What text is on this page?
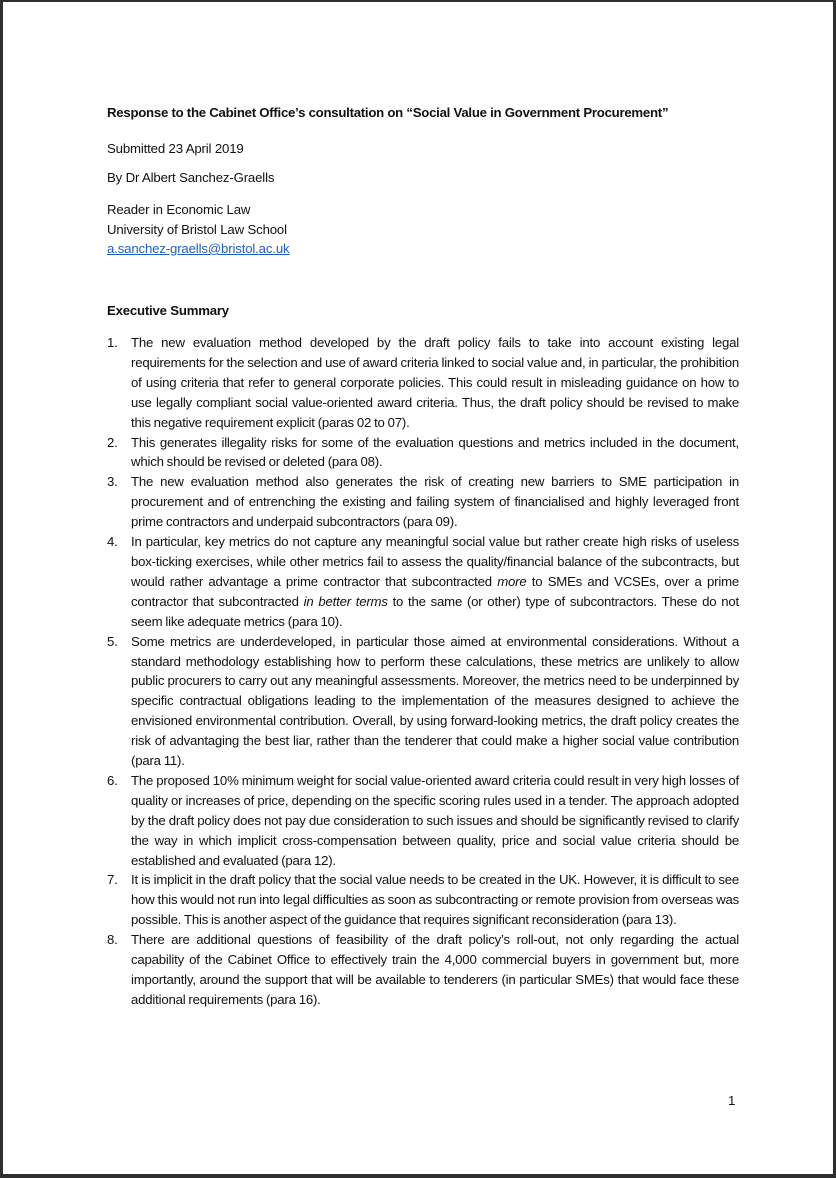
Response to the Cabinet Office’s consultation on “Social Value in Government Procurement”
Submitted 23 April 2019
By Dr Albert Sanchez-Graells
Reader in Economic Law
University of Bristol Law School
a.sanchez-graells@bristol.ac.uk
Executive Summary
1. The new evaluation method developed by the draft policy fails to take into account existing legal requirements for the selection and use of award criteria linked to social value and, in particular, the prohibition of using criteria that refer to general corporate policies. This could result in misleading guidance on how to use legally compliant social value-oriented award criteria. Thus, the draft policy should be revised to make this negative requirement explicit (paras 02 to 07).
2. This generates illegality risks for some of the evaluation questions and metrics included in the document, which should be revised or deleted (para 08).
3. The new evaluation method also generates the risk of creating new barriers to SME participation in procurement and of entrenching the existing and failing system of financialised and highly leveraged front prime contractors and underpaid subcontractors (para 09).
4. In particular, key metrics do not capture any meaningful social value but rather create high risks of useless box-ticking exercises, while other metrics fail to assess the quality/financial balance of the subcontracts, but would rather advantage a prime contractor that subcontracted more to SMEs and VCSEs, over a prime contractor that subcontracted in better terms to the same (or other) type of subcontractors. These do not seem like adequate metrics (para 10).
5. Some metrics are underdeveloped, in particular those aimed at environmental considerations. Without a standard methodology establishing how to perform these calculations, these metrics are unlikely to allow public procurers to carry out any meaningful assessments. Moreover, the metrics need to be underpinned by specific contractual obligations leading to the implementation of the measures designed to achieve the envisioned environmental contribution. Overall, by using forward-looking metrics, the draft policy creates the risk of advantaging the best liar, rather than the tenderer that could make a higher social value contribution (para 11).
6. The proposed 10% minimum weight for social value-oriented award criteria could result in very high losses of quality or increases of price, depending on the specific scoring rules used in a tender. The approach adopted by the draft policy does not pay due consideration to such issues and should be significantly revised to clarify the way in which implicit cross-compensation between quality, price and social value criteria should be established and evaluated (para 12).
7. It is implicit in the draft policy that the social value needs to be created in the UK. However, it is difficult to see how this would not run into legal difficulties as soon as subcontracting or remote provision from overseas was possible. This is another aspect of the guidance that requires significant reconsideration (para 13).
8. There are additional questions of feasibility of the draft policy’s roll-out, not only regarding the actual capability of the Cabinet Office to effectively train the 4,000 commercial buyers in government but, more importantly, around the support that will be available to tenderers (in particular SMEs) that would face these additional requirements (para 16).
1
